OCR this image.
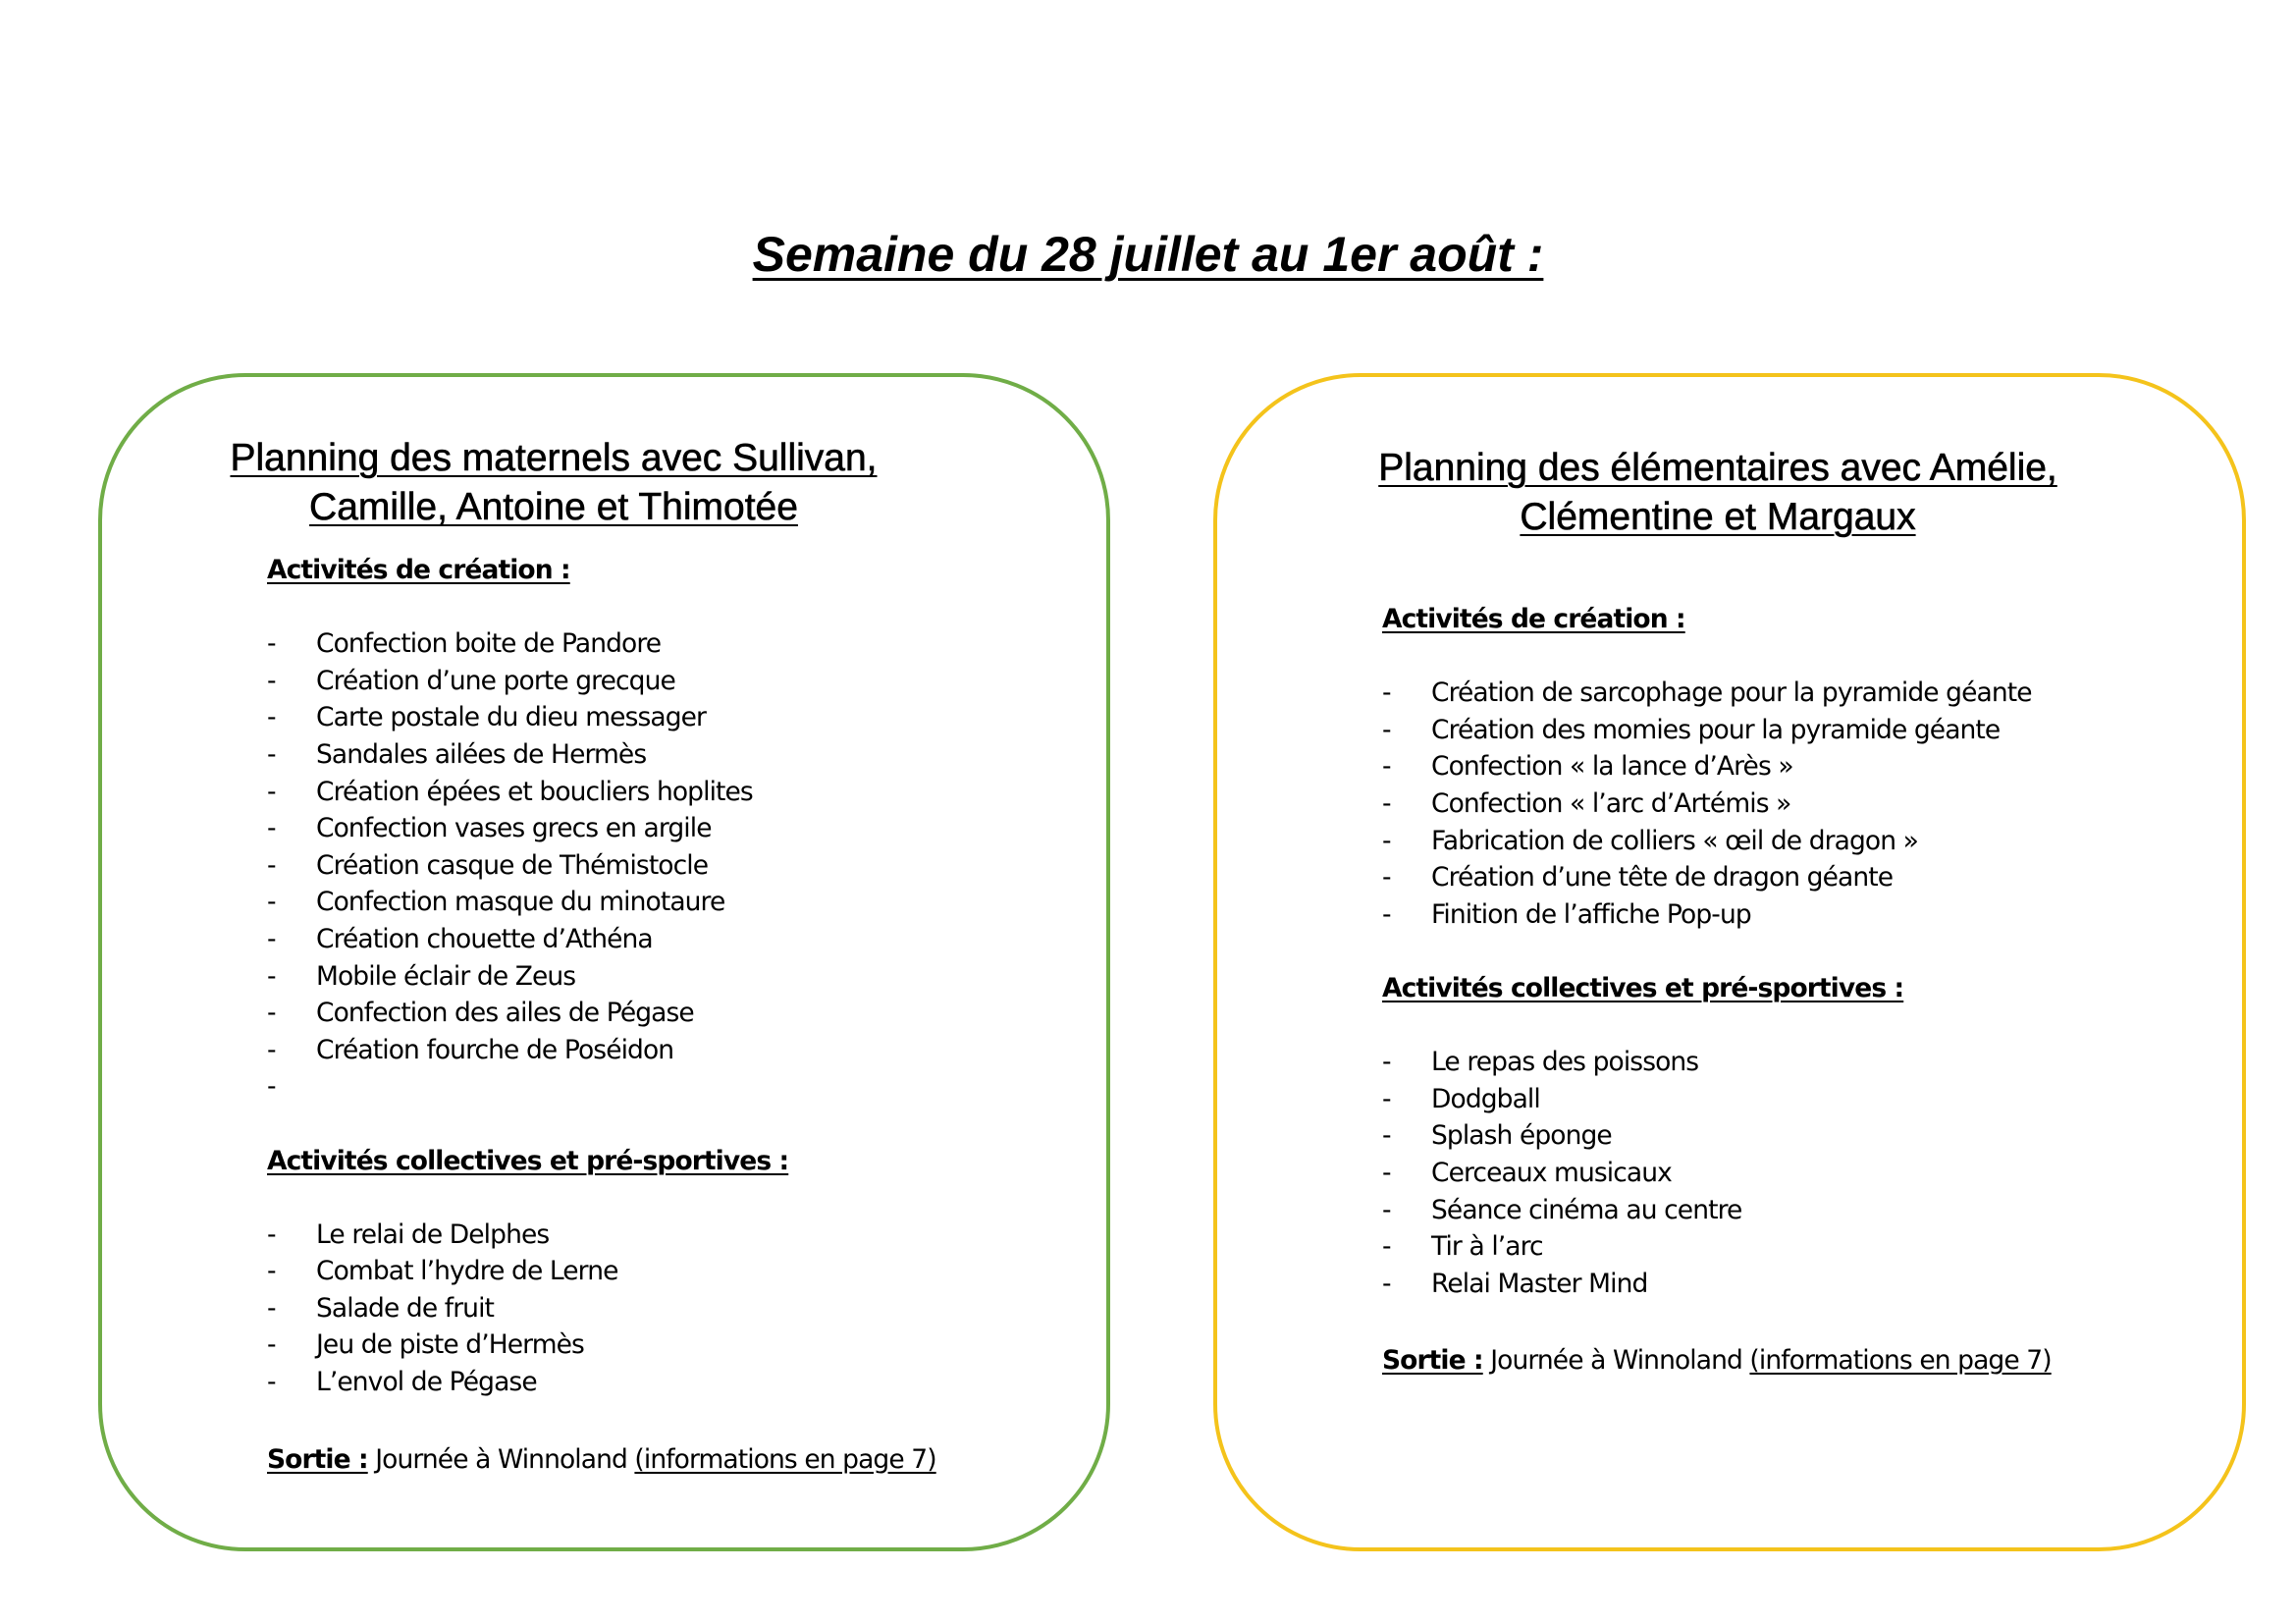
Semaine du 28 juillet au 1er août :
Planning des maternels avec Sullivan,
Camille, Antoine et Thimotée
Activités de création :
-	Confection boite de Pandore
-	Création d’une porte grecque
-	Carte postale du dieu messager
-	Sandales ailées de Hermès
-	Création épées et boucliers hoplites
-	Confection vases grecs en argile
-	Création casque de Thémistocle
-	Confection masque du minotaure
-	Création chouette d’Athéna
-	Mobile éclair de Zeus
-	Confection des ailes de Pégase
-	Création fourche de Poséidon
-
Activités collectives et pré-sportives :
-	Le relai de Delphes
-	Combat l’hydre de Lerne
-	Salade de fruit
-	Jeu de piste d’Hermès
-	L’envol de Pégase
Sortie : Journée à Winnoland (informations en page 7)
Planning des élémentaires avec Amélie,
Clémentine et Margaux
Activités de création :
-	Création de sarcophage pour la pyramide géante
-	Création des momies pour la pyramide géante
-	Confection « la lance d’Arès »
-	Confection « l’arc d’Artémis »
-	Fabrication de colliers « œil de dragon »
-	Création d’une tête de dragon géante
-	Finition de l’affiche Pop-up
Activités collectives et pré-sportives :
-	Le repas des poissons
-	Dodgball
-	Splash éponge
-	Cerceaux musicaux
-	Séance cinéma au centre
-	Tir à l’arc
-	Relai Master Mind
Sortie : Journée à Winnoland (informations en page 7)
